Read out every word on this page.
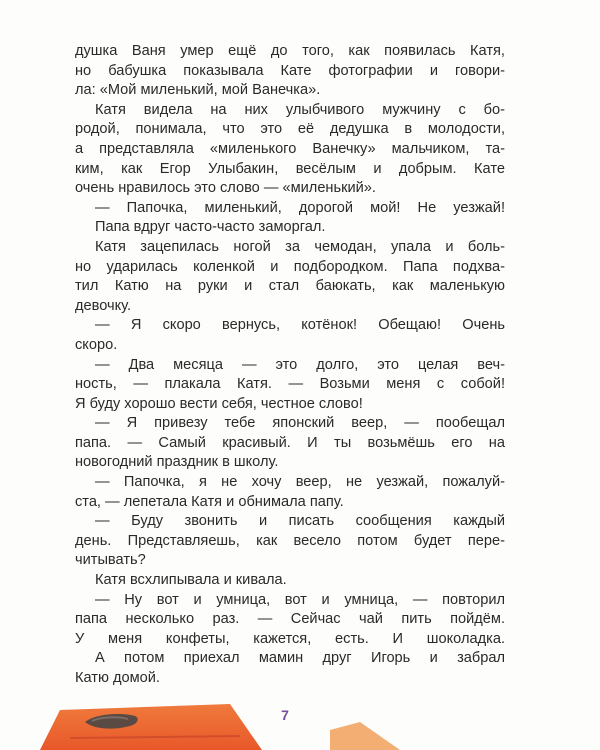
душка Ваня умер ещё до того, как появилась Катя,
но бабушка показывала Кате фотографии и говори-
ла: «Мой миленький, мой Ванечка».
Катя видела на них улыбчивого мужчину с бо-
родой, понимала, что это её дедушка в молодости,
а представляла «миленького Ванечку» мальчиком, та-
ким, как Егор Улыбакин, весёлым и добрым. Кате
очень нравилось это слово — «миленький».
— Папочка, миленький, дорогой мой! Не уезжай!
Папа вдруг часто-часто заморгал.
Катя зацепилась ногой за чемодан, упала и боль-
но ударилась коленкой и подбородком. Папа подхва-
тил Катю на руки и стал баюкать, как маленькую
девочку.
— Я скоро вернусь, котёнок! Обещаю! Очень
скоро.
— Два месяца — это долго, это целая веч-
ность, — плакала Катя. — Возьми меня с собой!
Я буду хорошо вести себя, честное слово!
— Я привезу тебе японский веер, — пообещал
папа. — Самый красивый. И ты возьмёшь его на
новогодний праздник в школу.
— Папочка, я не хочу веер, не уезжай, пожалуй-
ста, — лепетала Катя и обнимала папу.
— Буду звонить и писать сообщения каждый
день. Представляешь, как весело потом будет пере-
читывать?
Катя всхлипывала и кивала.
— Ну вот и умница, вот и умница, — повторил
папа несколько раз. — Сейчас чай пить пойдём.
У меня конфеты, кажется, есть. И шоколадка.
А потом приехал мамин друг Игорь и забрал
Катю домой.
7
